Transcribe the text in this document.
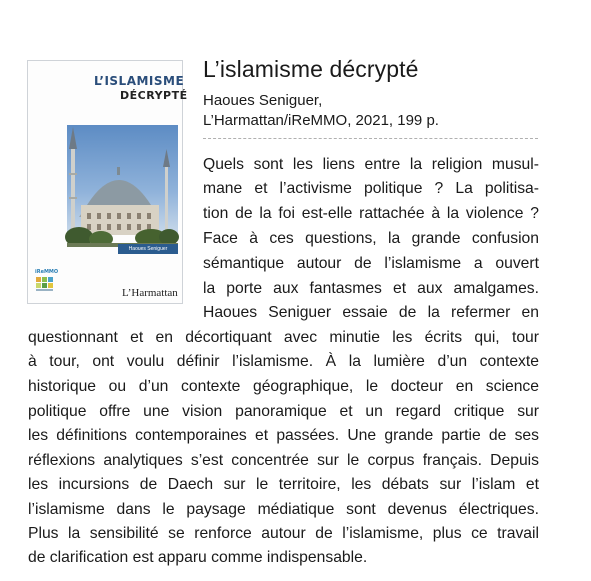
L’ISLAMISME
DÉCRYPTÉ
Haoues Seniguer
iReMMO
L’Harmattan
L’islamisme décrypté
Haoues Seniguer,
L’Harmattan/iReMMO, 2021, 199 p.
Quels sont les liens entre la religion musul-
mane et l’activisme politique ? La politisa-
tion de la foi est-elle rattachée à la violence ?
Face à ces questions, la grande confusion
sémantique autour de l’islamisme a ouvert
la porte aux fantasmes et aux amalgames.
Haoues Seniguer essaie de la refermer en
questionnant et en décortiquant avec minutie les écrits qui, tour
à tour, ont voulu définir l’islamisme. À la lumière d’un contexte
historique ou d’un contexte géographique, le docteur en science
politique offre une vision panoramique et un regard critique sur
les définitions contemporaines et passées. Une grande partie de ses
réflexions analytiques s’est concentrée sur le corpus français. Depuis
les incursions de Daech sur le territoire, les débats sur l’islam et
l’islamisme dans le paysage médiatique sont devenus électriques.
Plus la sensibilité se renforce autour de l’islamisme, plus ce travail
de clarification est apparu comme indispensable.
